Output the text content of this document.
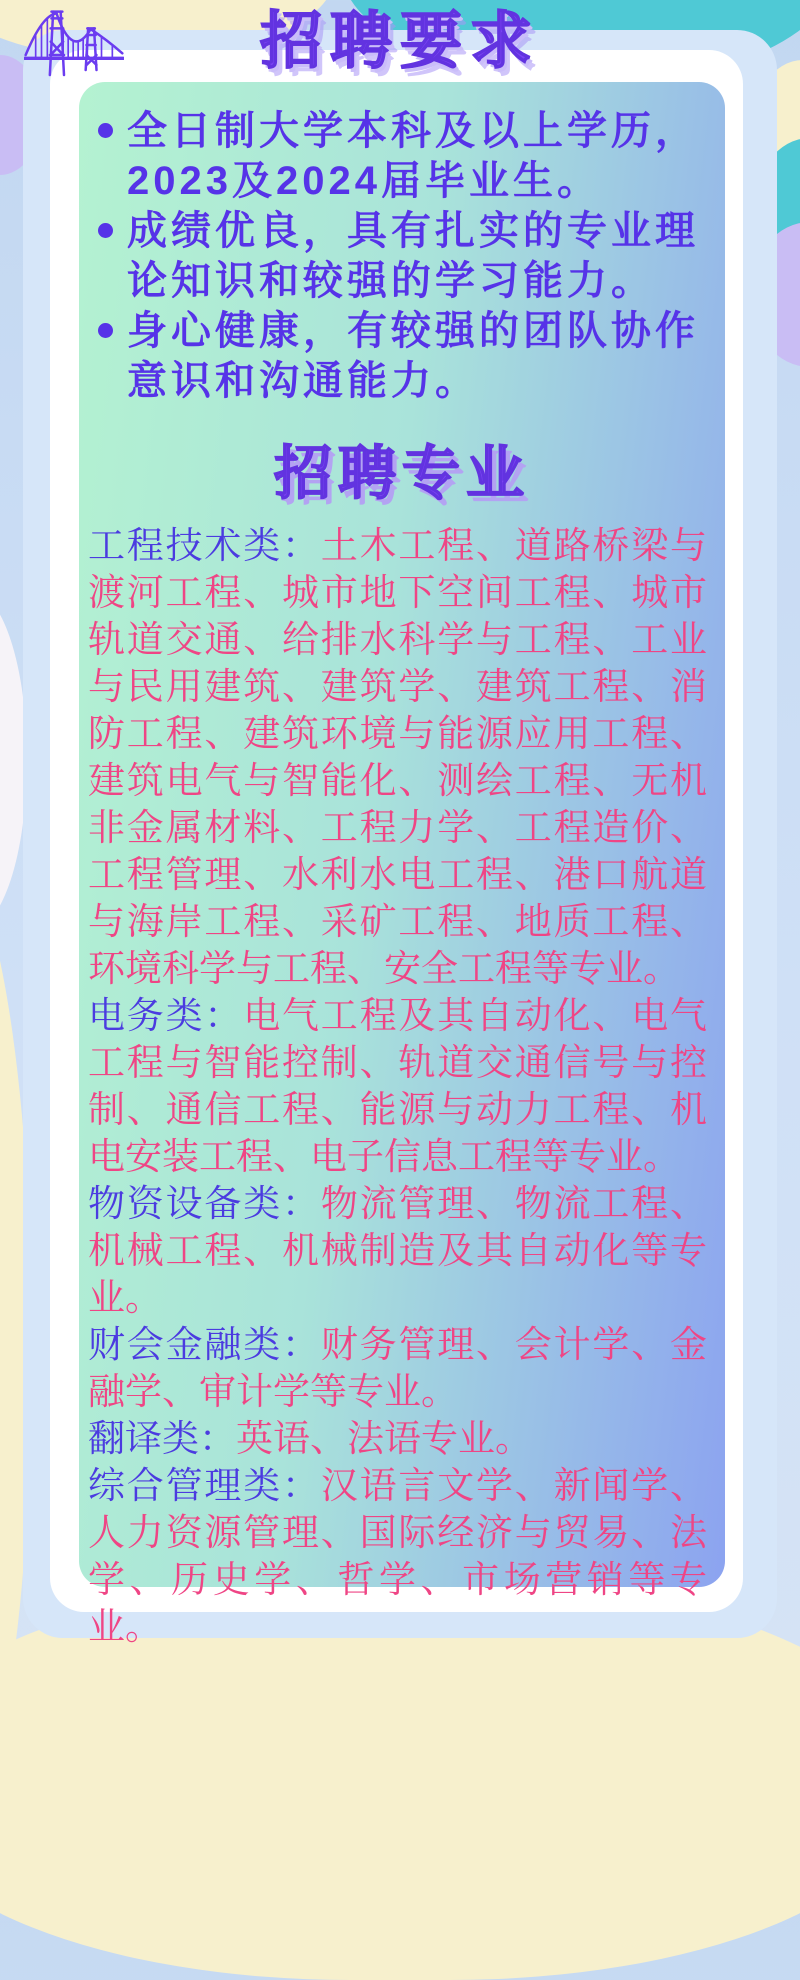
全日制大学本科及以上学历，2023及2024届毕业生。
成绩优良，具有扎实的专业理论知识和较强的学习能力。
身心健康，有较强的团队协作意识和沟通能力。
招聘专业

工程技术类：土木工程、道路桥梁与渡河工程、城市地下空间工程、城市轨道交通、给排水科学与工程、工业与民用建筑、建筑学、建筑工程、消防工程、建筑环境与能源应用工程、建筑电气与智能化、测绘工程、无机非金属材料、工程力学、工程造价、工程管理、水利水电工程、港口航道与海岸工程、采矿工程、地质工程、环境科学与工程、安全工程等专业。

电务类：电气工程及其自动化、电气工程与智能控制、轨道交通信号与控制、通信工程、能源与动力工程、机电安装工程、电子信息工程等专业。

物资设备类：物流管理、物流工程、机械工程、机械制造及其自动化等专业。

财会金融类：财务管理、会计学、金融学、审计学等专业。

翻译类：英语、法语专业。

综合管理类：汉语言文学、新闻学、人力资源管理、国际经济与贸易、法学、历史学、哲学、市场营销等专业。

招聘要求
